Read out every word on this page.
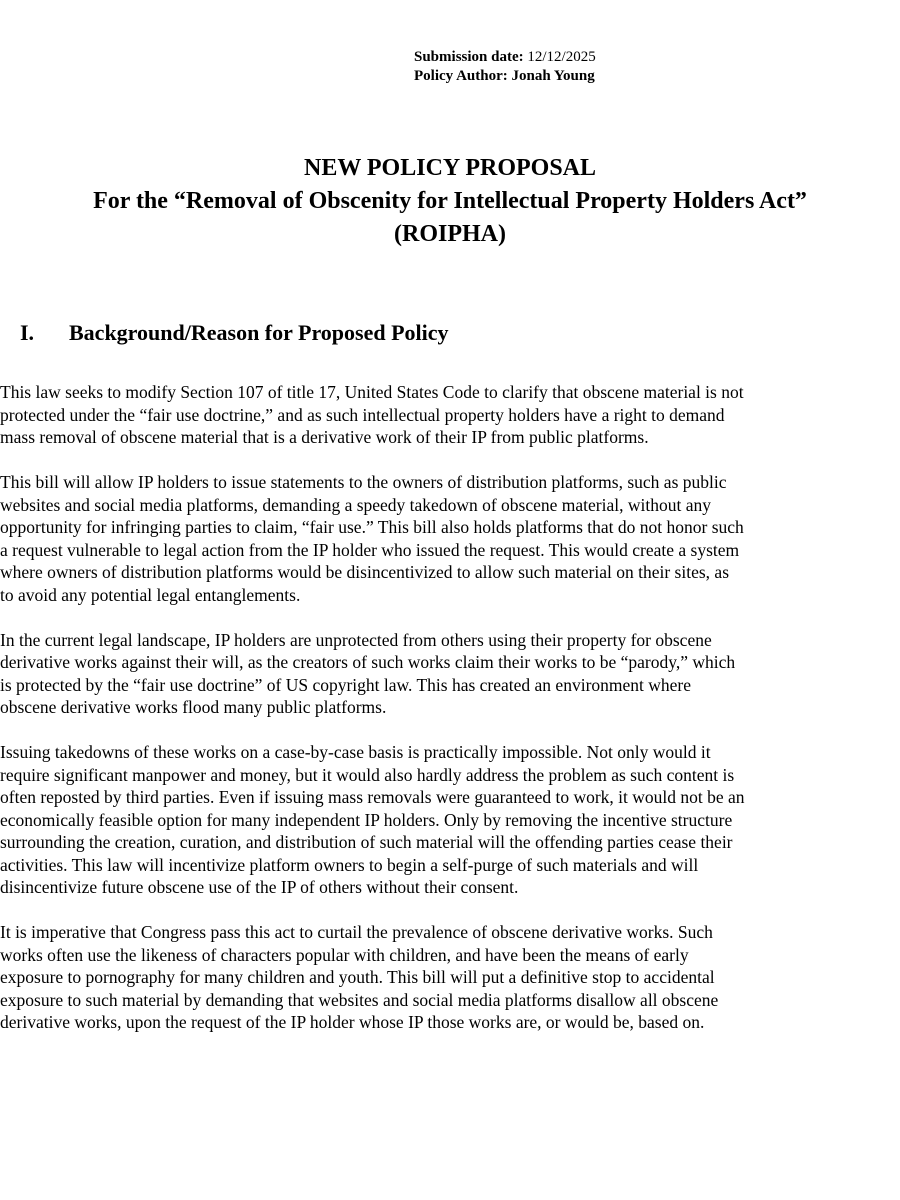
Submission date: 12/12/2025
Policy Author: Jonah Young
NEW POLICY PROPOSAL
For the “Removal of Obscenity for Intellectual Property Holders Act”
(ROIPHA)
I. Background/Reason for Proposed Policy

This law seeks to modify Section 107 of title 17, United States Code to clarify that obscene material is not
protected under the “fair use doctrine,” and as such intellectual property holders have a right to demand
mass removal of obscene material that is a derivative work of their IP from public platforms.

This bill will allow IP holders to issue statements to the owners of distribution platforms, such as public
websites and social media platforms, demanding a speedy takedown of obscene material, without any
opportunity for infringing parties to claim, “fair use.” This bill also holds platforms that do not honor such
a request vulnerable to legal action from the IP holder who issued the request. This would create a system
where owners of distribution platforms would be disincentivized to allow such material on their sites, as
to avoid any potential legal entanglements.

In the current legal landscape, IP holders are unprotected from others using their property for obscene
derivative works against their will, as the creators of such works claim their works to be “parody,” which
is protected by the “fair use doctrine” of US copyright law. This has created an environment where
obscene derivative works flood many public platforms.

Issuing takedowns of these works on a case-by-case basis is practically impossible. Not only would it
require significant manpower and money, but it would also hardly address the problem as such content is
often reposted by third parties. Even if issuing mass removals were guaranteed to work, it would not be an
economically feasible option for many independent IP holders. Only by removing the incentive structure
surrounding the creation, curation, and distribution of such material will the offending parties cease their
activities. This law will incentivize platform owners to begin a self-purge of such materials and will
disincentivize future obscene use of the IP of others without their consent.

It is imperative that Congress pass this act to curtail the prevalence of obscene derivative works. Such
works often use the likeness of characters popular with children, and have been the means of early
exposure to pornography for many children and youth. This bill will put a definitive stop to accidental
exposure to such material by demanding that websites and social media platforms disallow all obscene
derivative works, upon the request of the IP holder whose IP those works are, or would be, based on.
